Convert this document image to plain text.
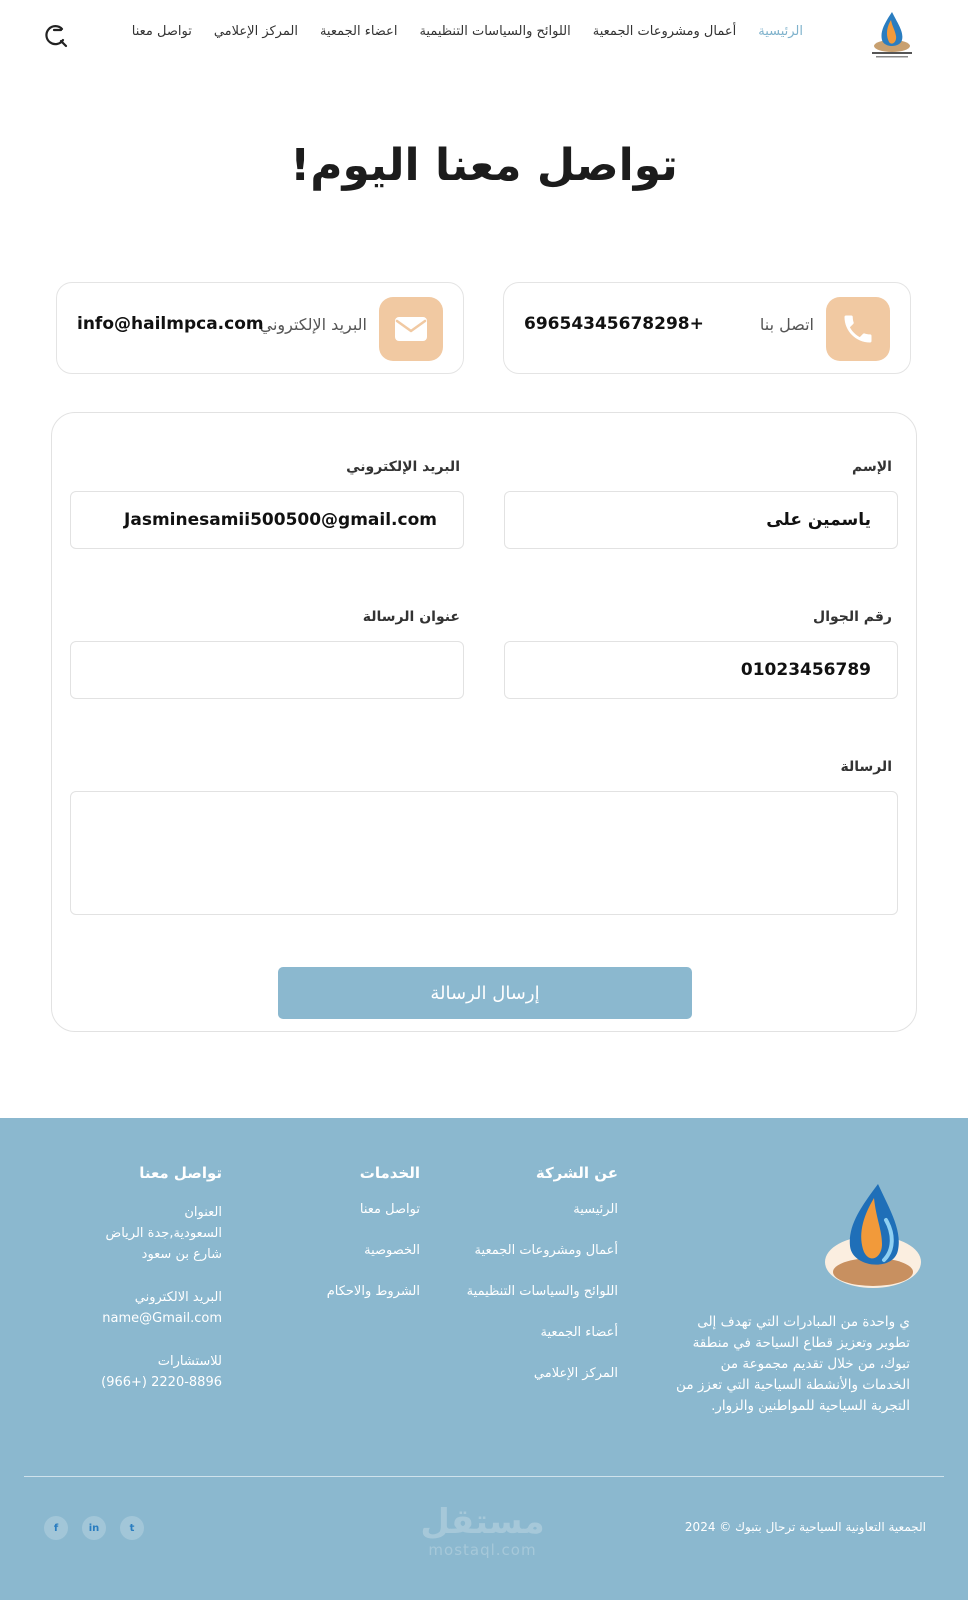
الرئيسية
أعمال ومشروعات الجمعية
اللوائح والسياسات التنظيمية
اعضاء الجمعية
المركز الإعلامي
تواصل معنا
تواصل معنا اليوم!
اتصل بنا
69654345678298+
البريد الإلكتروني
info@hailmpca.com
الإسم
ياسمين على
البريد الإلكتروني
Jasminesamii500500@gmail.com
رقم الجوال
01023456789
عنوان الرسالة
الرسالة
إرسال الرسالة

ي واحدة من المبادرات التي تهدف إلى تطوير وتعزيز قطاع السياحة في منطقة تبوك، من خلال تقديم مجموعة من الخدمات والأنشطة السياحية التي تعزز من التجربة السياحية للمواطنين والزوار.

عن الشركة
الرئيسية
أعمال ومشروعات الجمعية
اللوائح والسياسات التنظيمية
أعضاء الجمعية
المركز الإعلامي
الخدمات
تواصل معنا
الخصوصية
الشروط والاحكام
تواصل معنا
العنوان
السعودية,جدة الرياض
شارع بن سعود
البريد الالكتروني
name@Gmail.com
للاستشارات
(966+) 2220-8896
الجمعية التعاونية السياحية ترحال بتبوك © 2024
مستقل
mostaql.com
f	in	t
